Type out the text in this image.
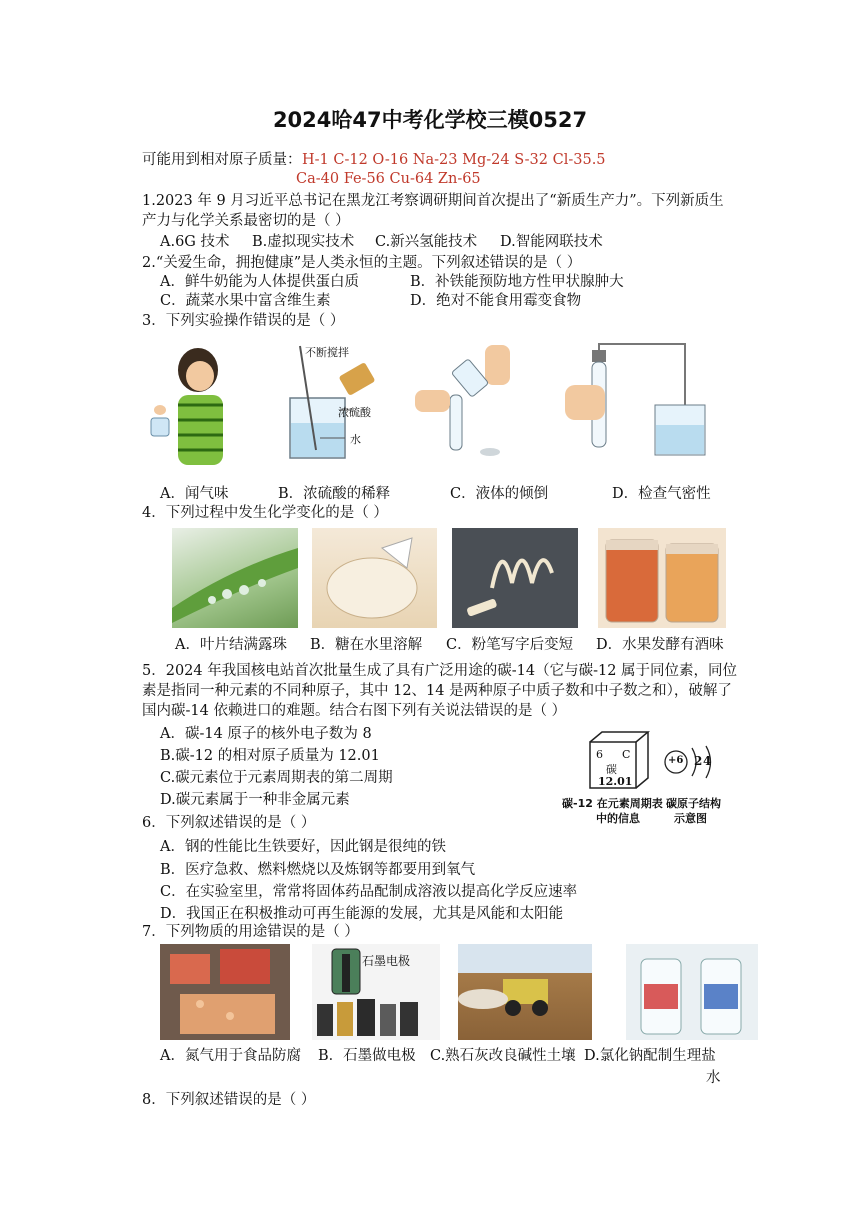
2024哈47中考化学校三模0527
可能用到相对原子质量： H-1 C-12 O-16 Na-23 Mg-24 S-32 Cl-35.5
Ca-40 Fe-56 Cu-64 Zn-65
1.2023 年 9 月习近平总书记在黑龙江考察调研期间首次提出了“新质生产力”。下列新质生
产力与化学关系最密切的是（ ）
A.6G 技术 B.虚拟现实技术 C.新兴氢能技术 D.智能网联技术
2.“关爱生命，拥抱健康”是人类永恒的主题。下列叙述错误的是（ ）
A．鲜牛奶能为人体提供蛋白质	B．补铁能预防地方性甲状腺肿大
C．蔬菜水果中富含维生素	D．绝对不能食用霉变食物
3．下列实验操作错误的是（ ）
不断搅拌
浓硫酸
水
A．闻气味	B．浓硫酸的稀释	C．液体的倾倒	D．检查气密性
4．下列过程中发生化学变化的是（ ）
A．叶片结满露珠 B．糖在水里溶解 C．粉笔写字后变短 D．水果发酵有酒味
5．2024 年我国核电站首次批量生成了具有广泛用途的碳-14（它与碳-12 属于同位素，同位
素是指同一种元素的不同种原子，其中 12、14 是两种原子中质子数和中子数之和），破解了
国内碳-14 依赖进口的难题。结合右图下列有关说法错误的是（ ）
A．碳-14 原子的核外电子数为 8
B.碳-12 的相对原子质量为 12.01
C.碳元素位于元素周期表的第二周期
D.碳元素属于一种非金属元素
6 C
碳
12.01
+6 2 4
碳-12 在元素周期表
中的信息
碳原子结构
示意图
6．下列叙述错误的是（ ）
A．钢的性能比生铁要好，因此钢是很纯的铁
B．医疗急救、燃料燃烧以及炼钢等都要用到氧气
C．在实验室里，常常将固体药品配制成溶液以提高化学反应速率
D．我国正在积极推动可再生能源的发展，尤其是风能和太阳能
7．下列物质的用途错误的是（ ）
石墨电极
A．氮气用于食品防腐 B．石墨做电极 C.熟石灰改良碱性土壤 D.氯化钠配制生理盐
水
8．下列叙述错误的是（ ）
